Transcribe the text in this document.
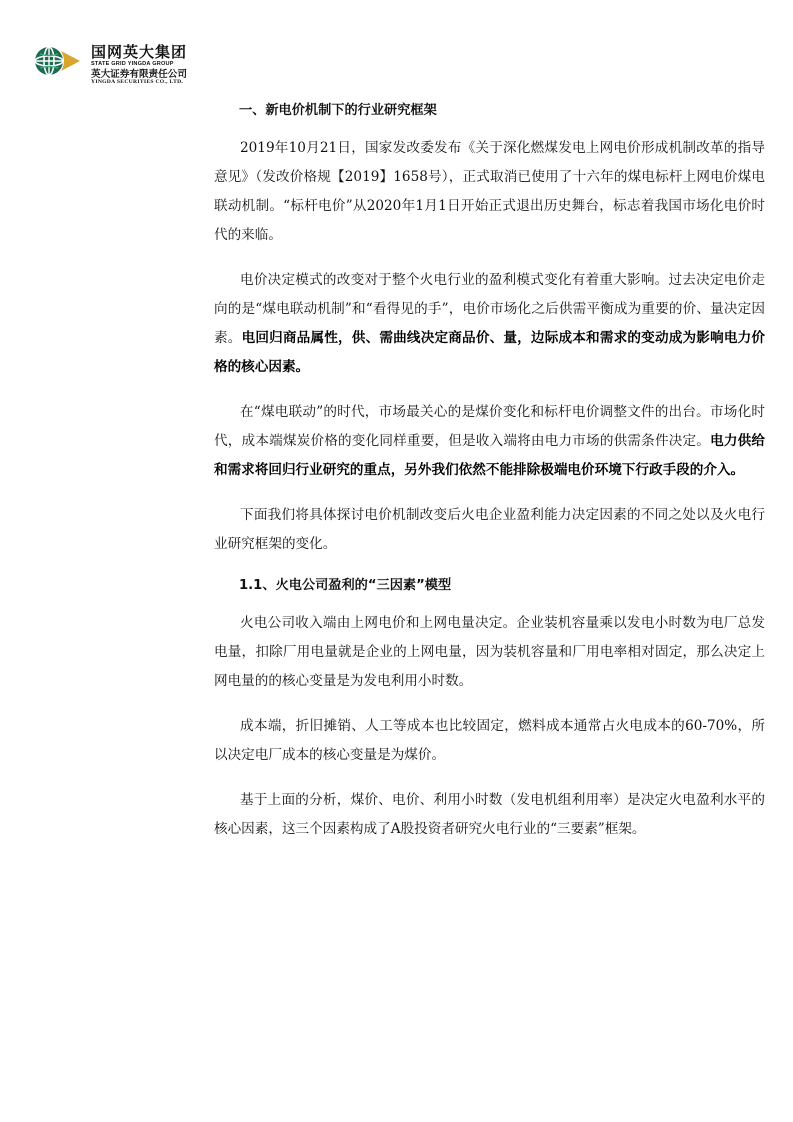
国网英大集团
STATE GRID YINGDA GROUP
英大证券有限责任公司
YINGDA SECURITIES CO., LTD.
一、新电价机制下的行业研究框架

2019年10月21日，国家发改委发布《关于深化燃煤发电上网电价形成机制改革的指导意见》（发改价格规【2019】1658号），正式取消已使用了十六年的煤电标杆上网电价煤电联动机制。“标杆电价”从2020年1月1日开始正式退出历史舞台，标志着我国市场化电价时代的来临。

电价决定模式的改变对于整个火电行业的盈利模式变化有着重大影响。过去决定电价走向的是“煤电联动机制”和“看得见的手”，电价市场化之后供需平衡成为重要的价、量决定因素。电回归商品属性，供、需曲线决定商品价、量，边际成本和需求的变动成为影响电力价格的核心因素。

在“煤电联动”的时代，市场最关心的是煤价变化和标杆电价调整文件的出台。市场化时代，成本端煤炭价格的变化同样重要，但是收入端将由电力市场的供需条件决定。电力供给和需求将回归行业研究的重点，另外我们依然不能排除极端电价环境下行政手段的介入。

下面我们将具体探讨电价机制改变后火电企业盈利能力决定因素的不同之处以及火电行业研究框架的变化。

1.1、火电公司盈利的“三因素”模型

火电公司收入端由上网电价和上网电量决定。企业装机容量乘以发电小时数为电厂总发电量，扣除厂用电量就是企业的上网电量，因为装机容量和厂用电率相对固定，那么决定上网电量的的核心变量是为发电利用小时数。

成本端，折旧摊销、人工等成本也比较固定，燃料成本通常占火电成本的60-70%，所以决定电厂成本的核心变量是为煤价。

基于上面的分析，煤价、电价、利用小时数（发电机组利用率）是决定火电盈利水平的核心因素，这三个因素构成了A股投资者研究火电行业的“三要素”框架。
